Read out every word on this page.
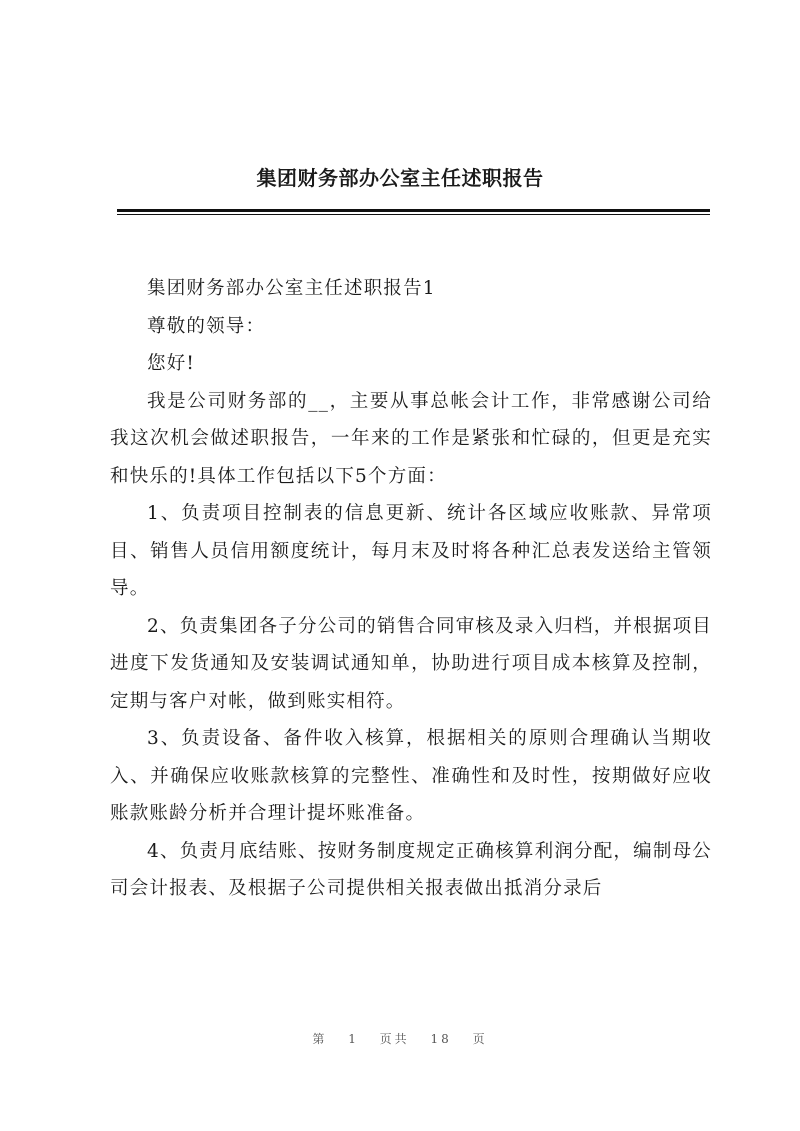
集团财务部办公室主任述职报告

集团财务部办公室主任述职报告1

尊敬的领导：

您好!

我是公司财务部的__，主要从事总帐会计工作，非常感谢公司给我这次机会做述职报告，一年来的工作是紧张和忙碌的，但更是充实和快乐的!具体工作包括以下5个方面：

1、负责项目控制表的信息更新、统计各区域应收账款、异常项目、销售人员信用额度统计，每月末及时将各种汇总表发送给主管领导。

2、负责集团各子分公司的销售合同审核及录入归档，并根据项目进度下发货通知及安装调试通知单，协助进行项目成本核算及控制，定期与客户对帐，做到账实相符。

3、负责设备、备件收入核算，根据相关的原则合理确认当期收入、并确保应收账款核算的完整性、准确性和及时性，按期做好应收账款账龄分析并合理计提坏账准备。

4、负责月底结账、按财务制度规定正确核算利润分配，编制母公司会计报表、及根据子公司提供相关报表做出抵消分录后

第 1 页共 18 页
